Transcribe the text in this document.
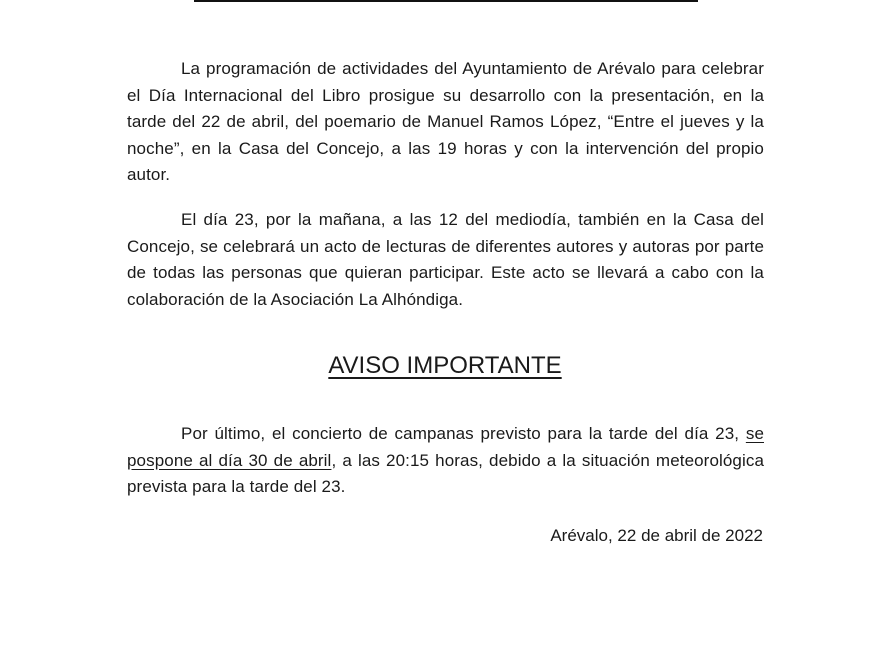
La programación de actividades del Ayuntamiento de Arévalo para celebrar el Día Internacional del Libro prosigue su desarrollo con la presentación, en la tarde del 22 de abril, del poemario de Manuel Ramos López, “Entre el jueves y la noche”, en la Casa del Concejo, a las 19 horas y con la intervención del propio autor.

El día 23, por la mañana, a las 12 del mediodía, también en la Casa del Concejo, se celebrará un acto de lecturas de diferentes autores y autoras por parte de todas las personas que quieran participar. Este acto se llevará a cabo con la colaboración de la Asociación La Alhóndiga.

AVISO IMPORTANTE

Por último, el concierto de campanas previsto para la tarde del día 23, se pospone al día 30 de abril, a las 20:15 horas, debido a la situación meteorológica prevista para la tarde del 23.

Arévalo, 22 de abril de 2022
